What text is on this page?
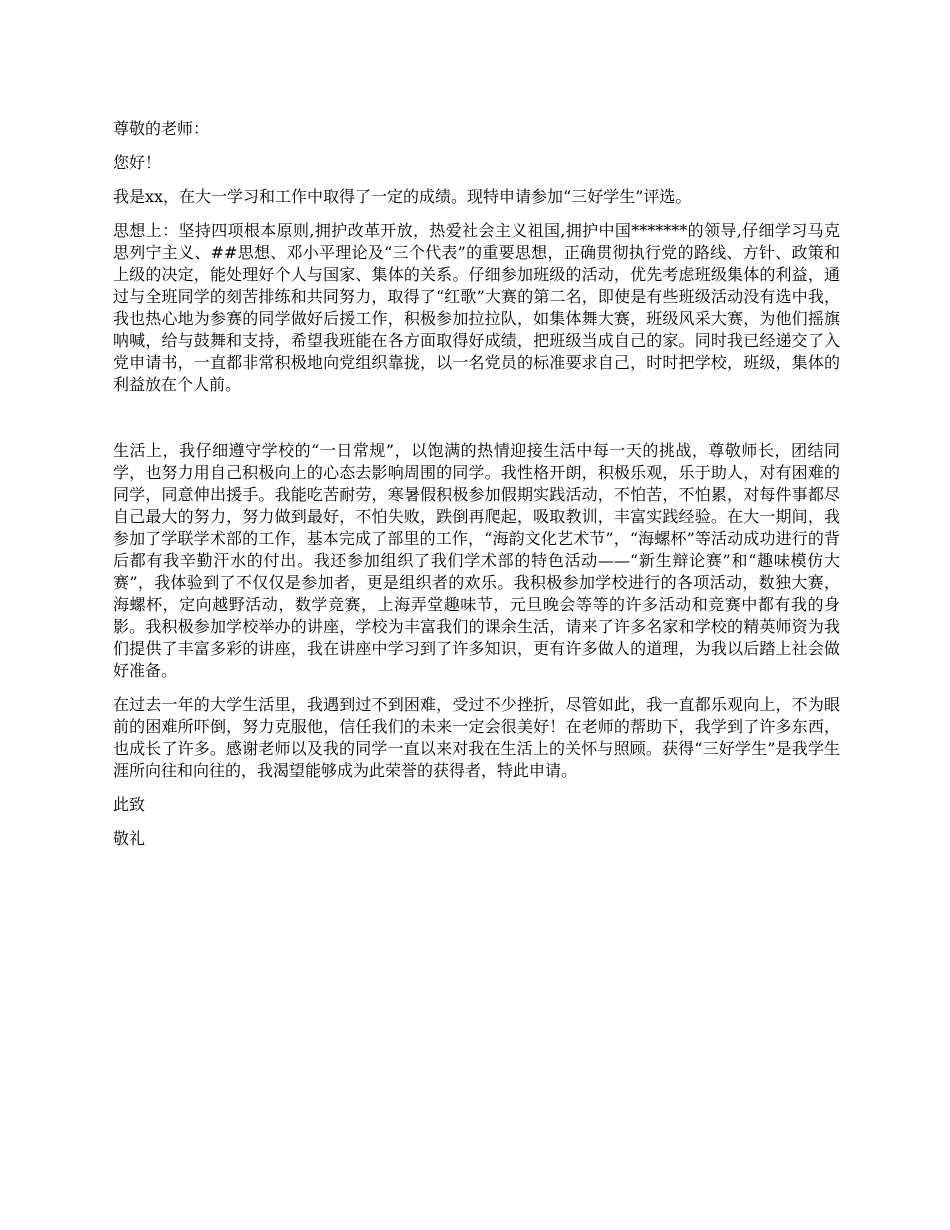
尊敬的老师：

您好！

我是xx，在大一学习和工作中取得了一定的成绩。现特申请参加“三好学生”评选。

思想上：坚持四项根本原则,拥护改革开放，热爱社会主义祖国,拥护中国*******的领导,仔细学习马克思列宁主义、##思想、邓小平理论及“三个代表”的重要思想，正确贯彻执行党的路线、方针、政策和上级的决定，能处理好个人与国家、集体的关系。仔细参加班级的活动，优先考虑班级集体的利益，通过与全班同学的刻苦排练和共同努力，取得了“红歌”大赛的第二名，即使是有些班级活动没有选中我，我也热心地为参赛的同学做好后援工作，积极参加拉拉队，如集体舞大赛，班级风采大赛，为他们摇旗呐喊，给与鼓舞和支持，希望我班能在各方面取得好成绩，把班级当成自己的家。同时我已经递交了入党申请书，一直都非常积极地向党组织靠拢，以一名党员的标准要求自己，时时把学校，班级，集体的利益放在个人前。

生活上，我仔细遵守学校的“一日常规”，以饱满的热情迎接生活中每一天的挑战，尊敬师长，团结同学，也努力用自己积极向上的心态去影响周围的同学。我性格开朗，积极乐观，乐于助人，对有困难的同学，同意伸出援手。我能吃苦耐劳，寒暑假积极参加假期实践活动，不怕苦，不怕累，对每件事都尽自己最大的努力，努力做到最好，不怕失败，跌倒再爬起，吸取教训，丰富实践经验。在大一期间，我参加了学联学术部的工作，基本完成了部里的工作，“海韵文化艺术节”，“海螺杯”等活动成功进行的背后都有我辛勤汗水的付出。我还参加组织了我们学术部的特色活动——“新生辩论赛”和“趣味模仿大赛”，我体验到了不仅仅是参加者，更是组织者的欢乐。我积极参加学校进行的各项活动，数独大赛，海螺杯，定向越野活动，数学竞赛，上海弄堂趣味节，元旦晚会等等的许多活动和竞赛中都有我的身影。我积极参加学校举办的讲座，学校为丰富我们的课余生活，请来了许多名家和学校的精英师资为我们提供了丰富多彩的讲座，我在讲座中学习到了许多知识，更有许多做人的道理，为我以后踏上社会做好准备。

在过去一年的大学生活里，我遇到过不到困难，受过不少挫折，尽管如此，我一直都乐观向上，不为眼前的困难所吓倒，努力克服他，信任我们的未来一定会很美好！在老师的帮助下，我学到了许多东西，也成长了许多。感谢老师以及我的同学一直以来对我在生活上的关怀与照顾。获得“三好学生”是我学生涯所向往和向往的，我渴望能够成为此荣誉的获得者，特此申请。

此致

敬礼
